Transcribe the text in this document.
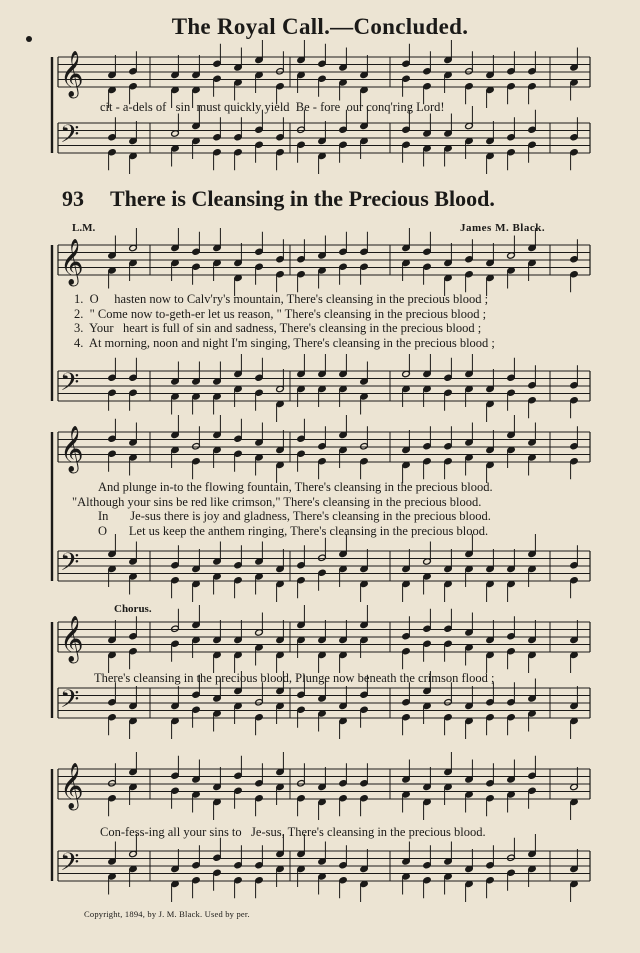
The Royal Call.—Concluded.
𝄞
𝄢
𝄞
𝄢
𝄞
𝄢
𝄞
𝄢
𝄞
𝄢
cit - a-dels of   sin  must quickly yield  Be - fore  our conq'ring Lord!
93 There is Cleansing in the Precious Blood.
L.M.	James M. Black.
1.  O     hasten now to Calv'ry's mountain, There's cleansing in the precious blood ;
2.  " Come now to-geth-er let us reason, " There's cleansing in the precious blood ;
3.  Your   heart is full of sin and sadness, There's cleansing in the precious blood ;
4.  At morning, noon and night I'm singing, There's cleansing in the precious blood ;
And plunge in-to the flowing fountain, There's cleansing in the precious blood.
"Although your sins be red like crimson," There's cleansing in the precious blood.
In       Je-sus there is joy and gladness, There's cleansing in the precious blood.
O       Let us keep the anthem ringing, There's cleansing in the precious blood.
Chorus.
There's cleansing in the precious blood, Plunge now beneath the crimson flood ;
Con-fess-ing all your sins to   Je-sus, There's cleansing in the precious blood.
Copyright, 1894, by J. M. Black. Used by per.
